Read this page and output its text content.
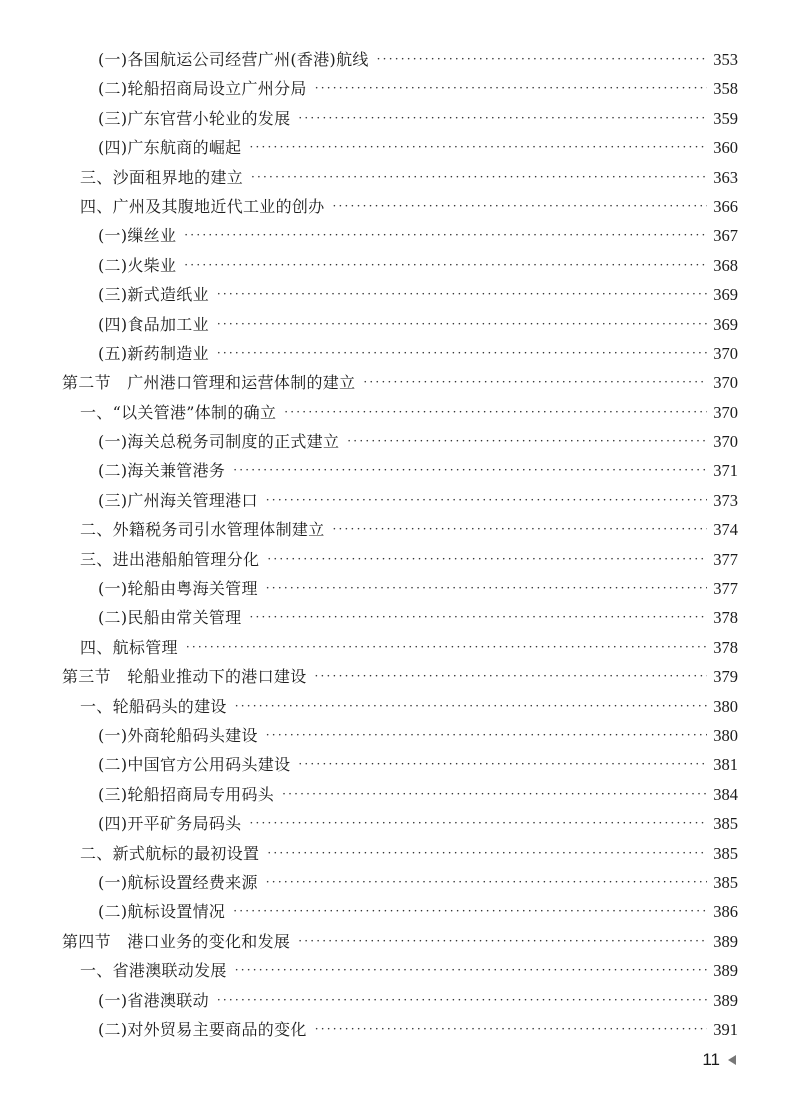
(一)各国航运公司经营广州(香港)航线 ·····	353
(二)轮船招商局设立广州分局 ·····	358
(三)广东官营小轮业的发展 ·····	359
(四)广东航商的崛起 ·····	360
三、沙面租界地的建立 ·····	363
四、广州及其腹地近代工业的创办 ·····	366
(一)缫丝业 ·····	367
(二)火柴业 ·····	368
(三)新式造纸业 ·····	369
(四)食品加工业 ·····	369
(五)新药制造业 ·····	370
第二节　广州港口管理和运营体制的建立 ·····	370
一、“以关管港”体制的确立 ·····	370
(一)海关总税务司制度的正式建立 ·····	370
(二)海关兼管港务 ·····	371
(三)广州海关管理港口 ·····	373
二、外籍税务司引水管理体制建立 ·····	374
三、进出港船舶管理分化 ·····	377
(一)轮船由粤海关管理 ·····	377
(二)民船由常关管理 ·····	378
四、航标管理 ·····	378
第三节　轮船业推动下的港口建设 ·····	379
一、轮船码头的建设 ·····	380
(一)外商轮船码头建设 ·····	380
(二)中国官方公用码头建设 ·····	381
(三)轮船招商局专用码头 ·····	384
(四)开平矿务局码头 ·····	385
二、新式航标的最初设置 ·····	385
(一)航标设置经费来源 ·····	385
(二)航标设置情况 ·····	386
第四节　港口业务的变化和发展 ·····	389
一、省港澳联动发展 ·····	389
(一)省港澳联动 ·····	389
(二)对外贸易主要商品的变化 ·····	391
11
